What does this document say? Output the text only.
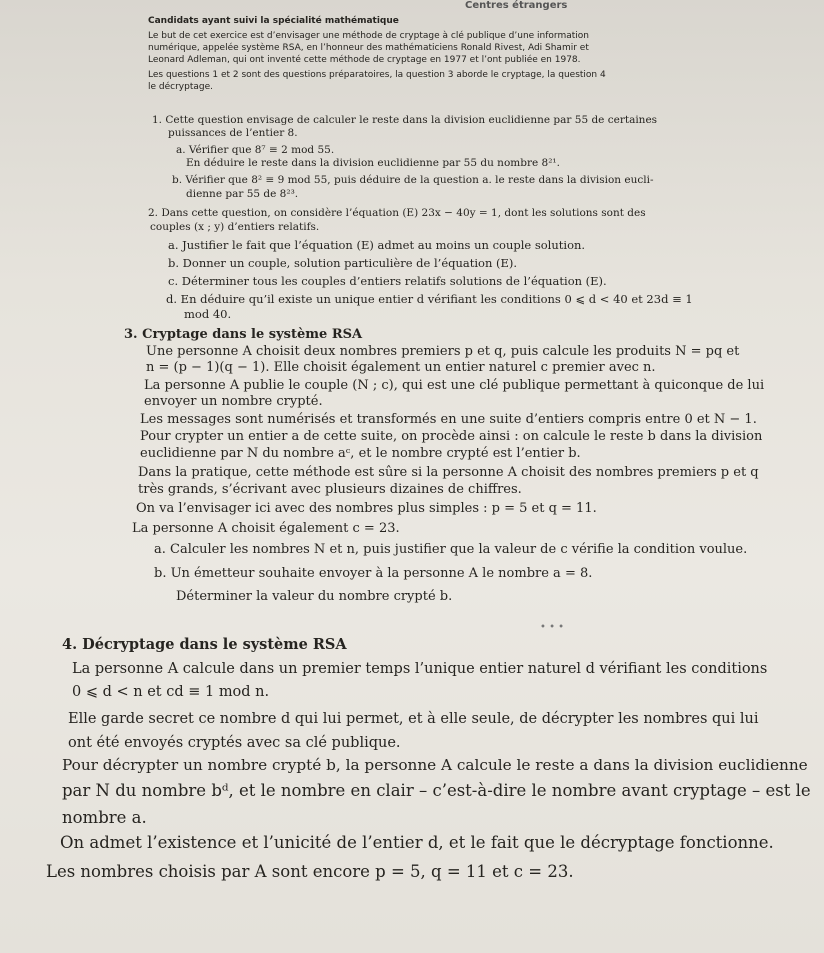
Centres étrangers
Candidats ayant suivi la spécialité mathématique
Le but de cet exercice est d’envisager une méthode de cryptage à clé publique d’une information
numérique, appelée système RSA, en l’honneur des mathématiciens Ronald Rivest, Adi Shamir et
Leonard Adleman, qui ont inventé cette méthode de cryptage en 1977 et l’ont publiée en 1978.
Les questions 1 et 2 sont des questions préparatoires, la question 3 aborde le cryptage, la question 4
le décryptage.
1. Cette question envisage de calculer le reste dans la division euclidienne par 55 de certaines
puissances de l’entier 8.
a. Vérifier que 8⁷ ≡ 2 mod 55.
En déduire le reste dans la division euclidienne par 55 du nombre 8²¹.
b. Vérifier que 8² ≡ 9 mod 55, puis déduire de la question a. le reste dans la division eucli-
dienne par 55 de 8²³.
2. Dans cette question, on considère l’équation (E) 23x − 40y = 1, dont les solutions sont des
couples (x ; y) d’entiers relatifs.
a. Justifier le fait que l’équation (E) admet au moins un couple solution.
b. Donner un couple, solution particulière de l’équation (E).
c. Déterminer tous les couples d’entiers relatifs solutions de l’équation (E).
d. En déduire qu’il existe un unique entier d vérifiant les conditions 0 ⩽ d < 40 et 23d ≡ 1
mod 40.
3. Cryptage dans le système RSA
Une personne A choisit deux nombres premiers p et q, puis calcule les produits N = pq et
n = (p − 1)(q − 1). Elle choisit également un entier naturel c premier avec n.
La personne A publie le couple (N ; c), qui est une clé publique permettant à quiconque de lui
envoyer un nombre crypté.
Les messages sont numérisés et transformés en une suite d’entiers compris entre 0 et N − 1.
Pour crypter un entier a de cette suite, on procède ainsi : on calcule le reste b dans la division
euclidienne par N du nombre aᶜ, et le nombre crypté est l’entier b.
Dans la pratique, cette méthode est sûre si la personne A choisit des nombres premiers p et q
très grands, s’écrivant avec plusieurs dizaines de chiffres.
On va l’envisager ici avec des nombres plus simples : p = 5 et q = 11.
La personne A choisit également c = 23.
a. Calculer les nombres N et n, puis justifier que la valeur de c vérifie la condition voulue.
b. Un émetteur souhaite envoyer à la personne A le nombre a = 8.
Déterminer la valeur du nombre crypté b.
• • •
4. Décryptage dans le système RSA
La personne A calcule dans un premier temps l’unique entier naturel d vérifiant les conditions
0 ⩽ d < n et cd ≡ 1 mod n.
Elle garde secret ce nombre d qui lui permet, et à elle seule, de décrypter les nombres qui lui
ont été envoyés cryptés avec sa clé publique.
Pour décrypter un nombre crypté b, la personne A calcule le reste a dans la division euclidienne
par N du nombre bᵈ, et le nombre en clair – c’est-à-dire le nombre avant cryptage – est le
nombre a.
On admet l’existence et l’unicité de l’entier d, et le fait que le décryptage fonctionne.
Les nombres choisis par A sont encore p = 5, q = 11 et c = 23.
